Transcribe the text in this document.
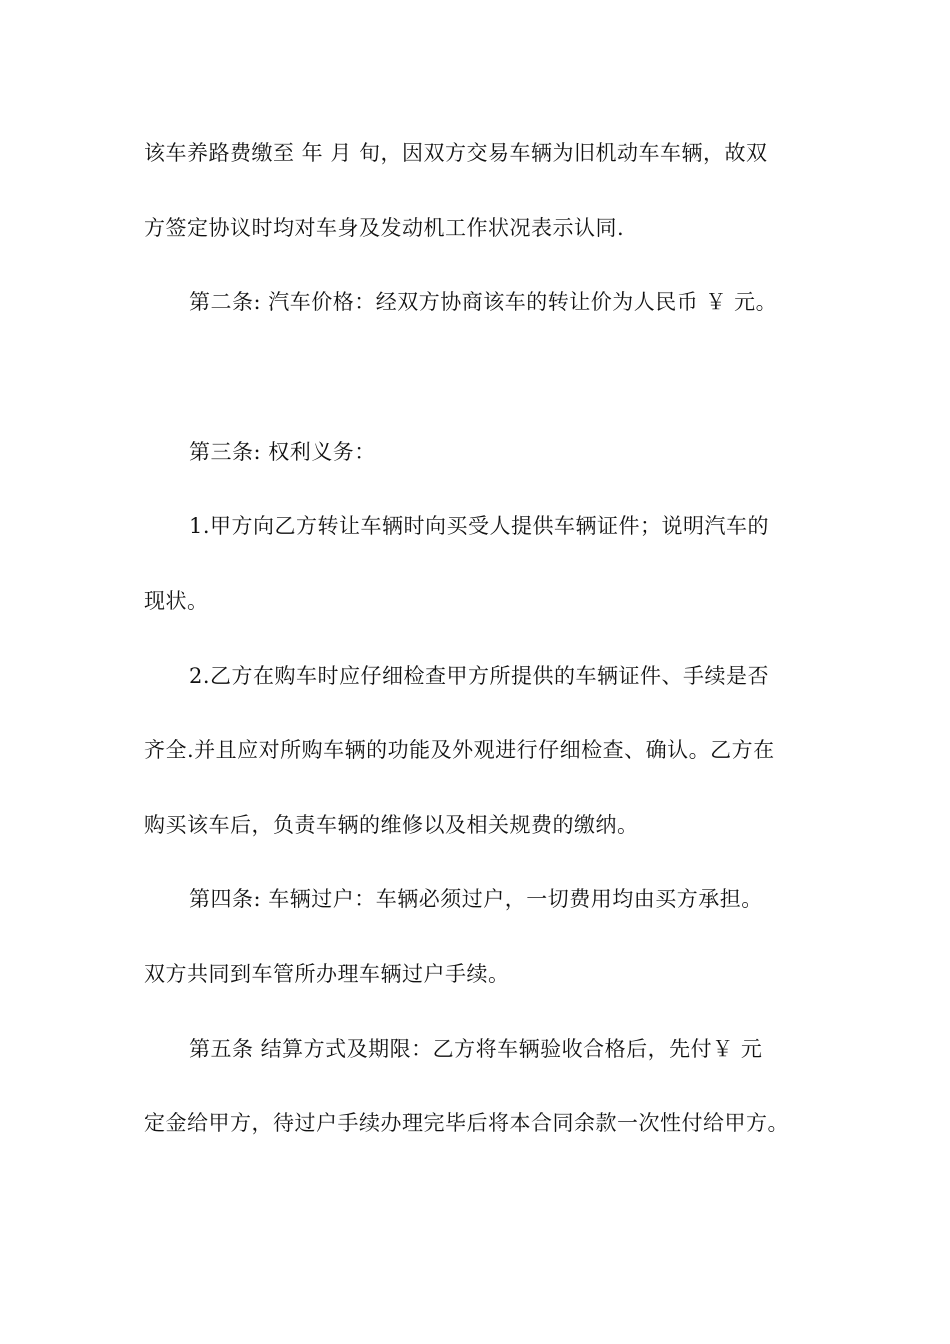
该车养路费缴至 年 月 旬，因双方交易车辆为旧机动车车辆，故双
方签定协议时均对车身及发动机工作状况表示认同.
第二条: 汽车价格：经双方协商该车的转让价为人民币 ￥ 元。
第三条: 权利义务：
1.甲方向乙方转让车辆时向买受人提供车辆证件；说明汽车的
现状。
2.乙方在购车时应仔细检查甲方所提供的车辆证件、手续是否
齐全.并且应对所购车辆的功能及外观进行仔细检查、确认。乙方在
购买该车后，负责车辆的维修以及相关规费的缴纳。
第四条: 车辆过户：车辆必须过户，一切费用均由买方承担。
双方共同到车管所办理车辆过户手续。
第五条 结算方式及期限：乙方将车辆验收合格后，先付￥ 元
定金给甲方，待过户手续办理完毕后将本合同余款一次性付给甲方。
